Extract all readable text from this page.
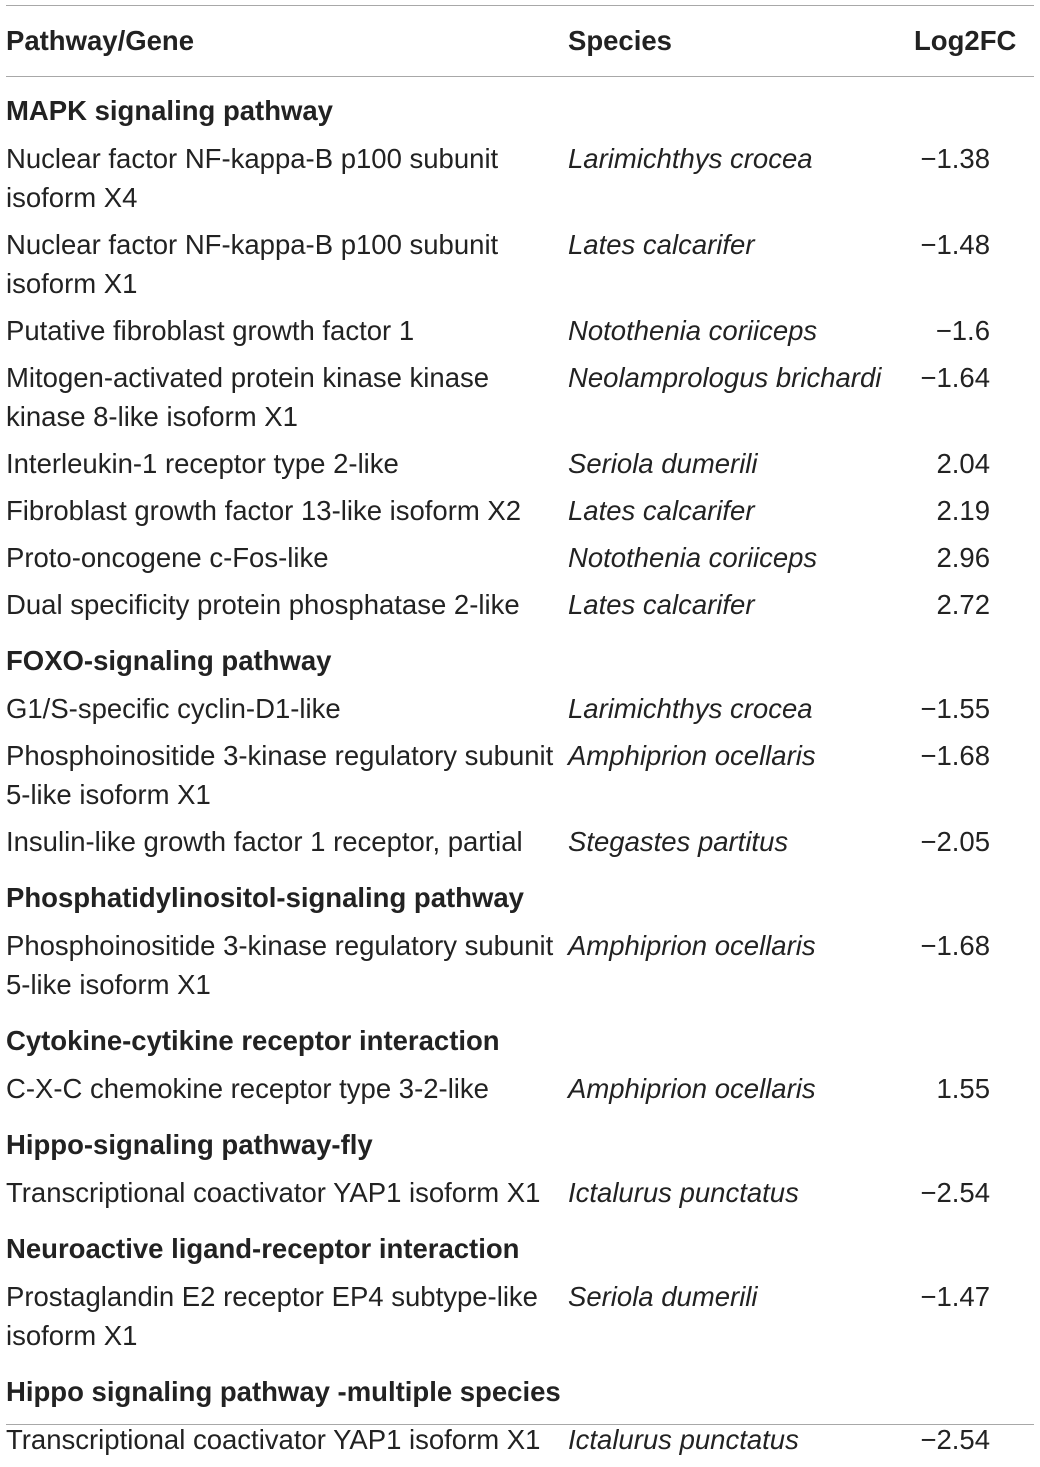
Pathway/Gene	Species	Log2FC
MAPK signaling pathway		
Nuclear factor NF-kappa-B p100 subunit isoform X4	Larimichthys crocea	−1.38
Nuclear factor NF-kappa-B p100 subunit isoform X1	Lates calcarifer	−1.48
Putative fibroblast growth factor 1	Notothenia coriiceps	−1.6
Mitogen-activated protein kinase kinase kinase 8-like isoform X1	Neolamprologus brichardi	−1.64
Interleukin-1 receptor type 2-like	Seriola dumerili	2.04
Fibroblast growth factor 13-like isoform X2	Lates calcarifer	2.19
Proto-oncogene c-Fos-like	Notothenia coriiceps	2.96
Dual specificity protein phosphatase 2-like	Lates calcarifer	2.72
FOXO-signaling pathway		
G1/S-specific cyclin-D1-like	Larimichthys crocea	−1.55
Phosphoinositide 3-kinase regulatory subunit 5-like isoform X1	Amphiprion ocellaris	−1.68
Insulin-like growth factor 1 receptor, partial	Stegastes partitus	−2.05
Phosphatidylinositol-signaling pathway		
Phosphoinositide 3-kinase regulatory subunit 5-like isoform X1	Amphiprion ocellaris	−1.68
Cytokine-cytikine receptor interaction		
C-X-C chemokine receptor type 3-2-like	Amphiprion ocellaris	1.55
Hippo-signaling pathway-fly		
Transcriptional coactivator YAP1 isoform X1	Ictalurus punctatus	−2.54
Neuroactive ligand-receptor interaction		
Prostaglandin E2 receptor EP4 subtype-like isoform X1	Seriola dumerili	−1.47
Hippo signaling pathway -multiple species		
Transcriptional coactivator YAP1 isoform X1	Ictalurus punctatus	−2.54
